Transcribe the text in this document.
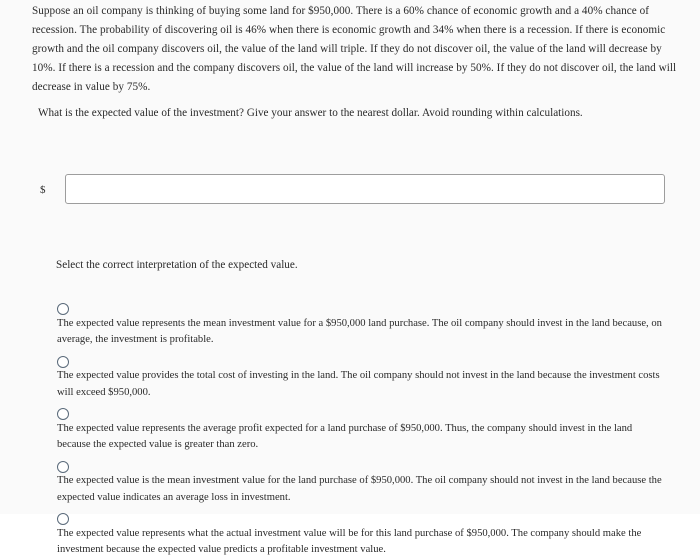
Suppose an oil company is thinking of buying some land for $950,000. There is a 60% chance of economic growth and a 40% chance of recession. The probability of discovering oil is 46% when there is economic growth and 34% when there is a recession. If there is economic growth and the oil company discovers oil, the value of the land will triple. If they do not discover oil, the value of the land will decrease by 10%. If there is a recession and the company discovers oil, the value of the land will increase by 50%. If they do not discover oil, the land will decrease in value by 75%.

What is the expected value of the investment? Give your answer to the nearest dollar. Avoid rounding within calculations.
$
Select the correct interpretation of the expected value.
The expected value represents the mean investment value for a $950,000 land purchase. The oil company should invest in the land because, on average, the investment is profitable.
The expected value provides the total cost of investing in the land. The oil company should not invest in the land because the investment costs will exceed $950,000.
The expected value represents the average profit expected for a land purchase of $950,000. Thus, the company should invest in the land because the expected value is greater than zero.
The expected value is the mean investment value for the land purchase of $950,000. The oil company should not invest in the land because the expected value indicates an average loss in investment.
The expected value represents what the actual investment value will be for this land purchase of $950,000. The company should make the investment because the expected value predicts a profitable investment value.
